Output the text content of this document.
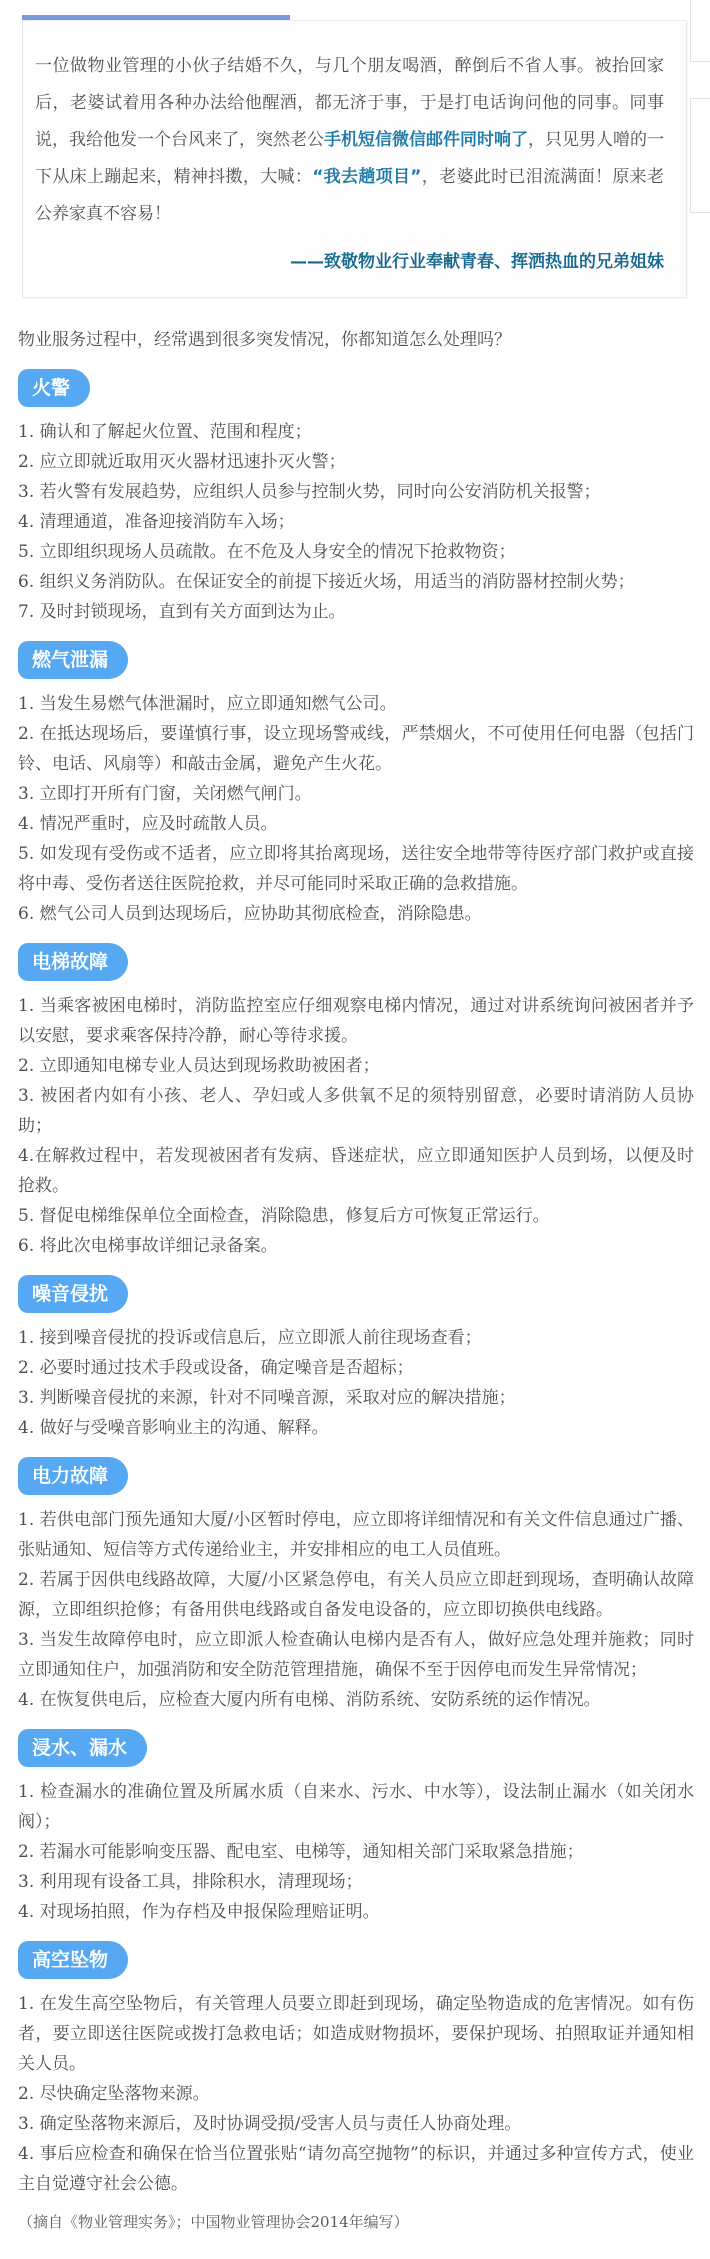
一位做物业管理的小伙子结婚不久，与几个朋友喝酒，醉倒后不省人事。被抬回家后，老婆试着用各种办法给他醒酒，都无济于事，于是打电话询问他的同事。同事说，我给他发一个台风来了，突然老公手机短信微信邮件同时响了，只见男人噌的一下从床上蹦起来，精神抖擞，大喊：“我去趟项目”，老婆此时已泪流满面！原来老公养家真不容易！

——致敬物业行业奉献青春、挥洒热血的兄弟姐妹

物业服务过程中，经常遇到很多突发情况，你都知道怎么处理吗？

火警

1. 确认和了解起火位置、范围和程度；

2. 应立即就近取用灭火器材迅速扑灭火警；

3. 若火警有发展趋势，应组织人员参与控制火势，同时向公安消防机关报警；

4. 清理通道，准备迎接消防车入场；

5. 立即组织现场人员疏散。在不危及人身安全的情况下抢救物资；

6. 组织义务消防队。在保证安全的前提下接近火场，用适当的消防器材控制火势；

7. 及时封锁现场，直到有关方面到达为止。

燃气泄漏

1. 当发生易燃气体泄漏时，应立即通知燃气公司。

2. 在抵达现场后，要谨慎行事，设立现场警戒线，严禁烟火，不可使用任何电器（包括门铃、电话、风扇等）和敲击金属，避免产生火花。

3. 立即打开所有门窗，关闭燃气闸门。

4. 情况严重时，应及时疏散人员。

5. 如发现有受伤或不适者，应立即将其抬离现场，送往安全地带等待医疗部门救护或直接将中毒、受伤者送往医院抢救，并尽可能同时采取正确的急救措施。

6. 燃气公司人员到达现场后，应协助其彻底检查，消除隐患。

电梯故障

1. 当乘客被困电梯时，消防监控室应仔细观察电梯内情况，通过对讲系统询问被困者并予以安慰，要求乘客保持冷静，耐心等待求援。

2. 立即通知电梯专业人员达到现场救助被困者；

3. 被困者内如有小孩、老人、孕妇或人多供氧不足的须特别留意，必要时请消防人员协助；

4.在解救过程中，若发现被困者有发病、昏迷症状，应立即通知医护人员到场，以便及时抢救。

5. 督促电梯维保单位全面检查，消除隐患，修复后方可恢复正常运行。

6. 将此次电梯事故详细记录备案。

噪音侵扰

1. 接到噪音侵扰的投诉或信息后，应立即派人前往现场查看；

2. 必要时通过技术手段或设备，确定噪音是否超标；

3. 判断噪音侵扰的来源，针对不同噪音源，采取对应的解决措施；

4. 做好与受噪音影响业主的沟通、解释。

电力故障

1. 若供电部门预先通知大厦/小区暂时停电，应立即将详细情况和有关文件信息通过广播、张贴通知、短信等方式传递给业主，并安排相应的电工人员值班。

2. 若属于因供电线路故障，大厦/小区紧急停电，有关人员应立即赶到现场，查明确认故障源，立即组织抢修；有备用供电线路或自备发电设备的，应立即切换供电线路。

3. 当发生故障停电时，应立即派人检查确认电梯内是否有人，做好应急处理并施救；同时立即通知住户，加强消防和安全防范管理措施，确保不至于因停电而发生异常情况；

4. 在恢复供电后，应检查大厦内所有电梯、消防系统、安防系统的运作情况。

浸水、漏水

1. 检查漏水的准确位置及所属水质（自来水、污水、中水等），设法制止漏水（如关闭水阀）；

2. 若漏水可能影响变压器、配电室、电梯等，通知相关部门采取紧急措施；

3. 利用现有设备工具，排除积水，清理现场；

4. 对现场拍照，作为存档及申报保险理赔证明。

高空坠物

1. 在发生高空坠物后，有关管理人员要立即赶到现场，确定坠物造成的危害情况。如有伤者，要立即送往医院或拨打急救电话；如造成财物损坏，要保护现场、拍照取证并通知相关人员。

2. 尽快确定坠落物来源。

3. 确定坠落物来源后，及时协调受损/受害人员与责任人协商处理。

4. 事后应检查和确保在恰当位置张贴“请勿高空抛物”的标识，并通过多种宣传方式，使业主自觉遵守社会公德。

（摘自《物业管理实务》；中国物业管理协会2014年编写）
